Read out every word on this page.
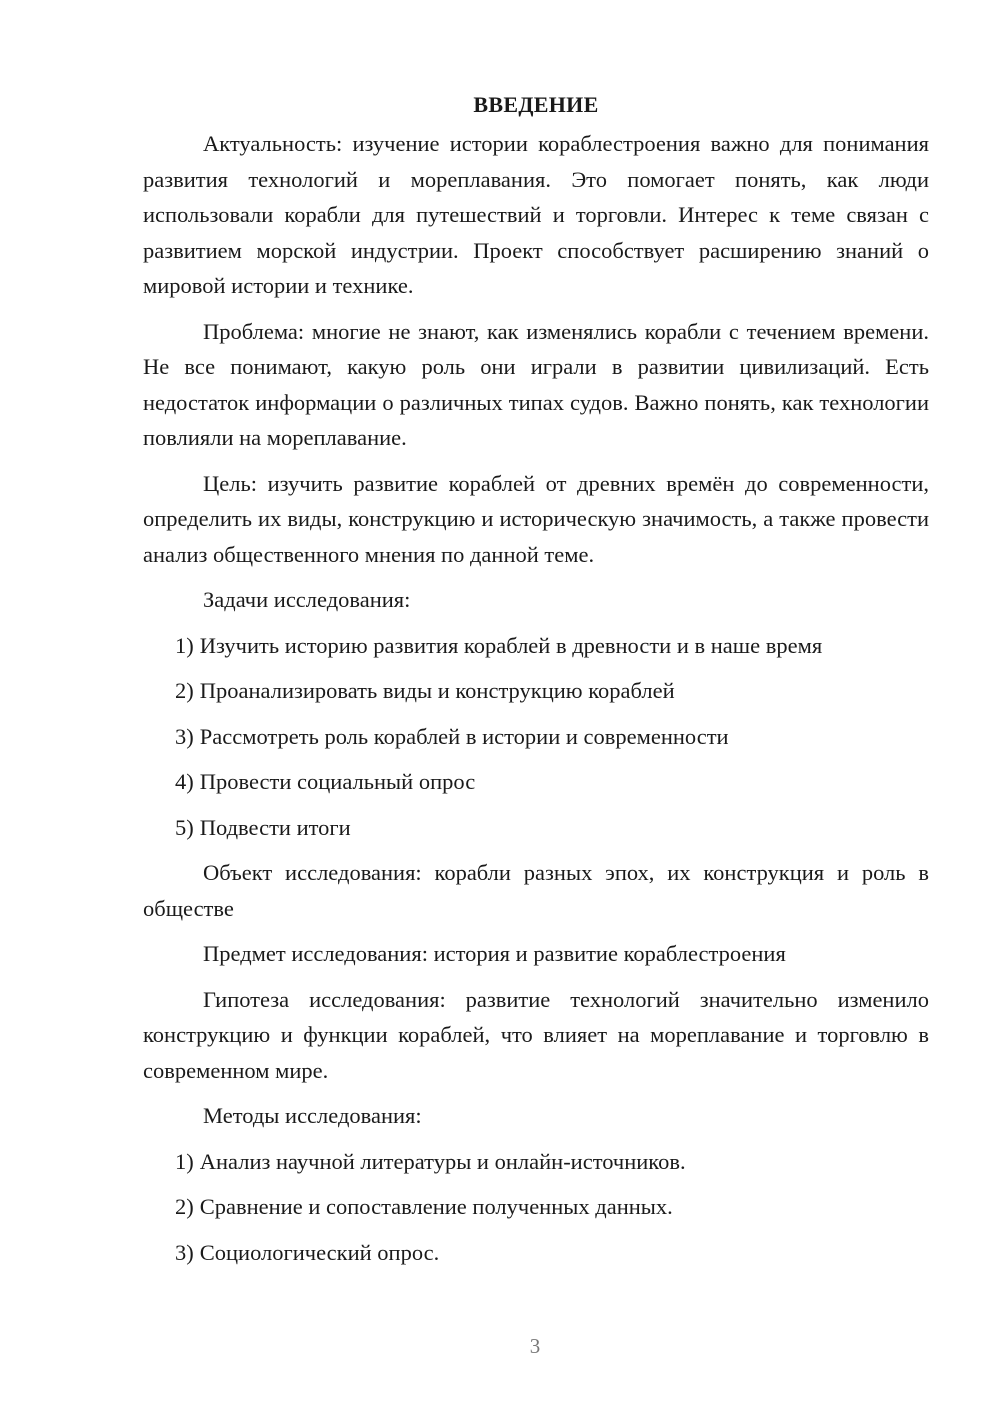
ВВЕДЕНИЕ

Актуальность: изучение истории кораблестроения важно для понимания развития технологий и мореплавания. Это помогает понять, как люди использовали корабли для путешествий и торговли. Интерес к теме связан с развитием морской индустрии. Проект способствует расширению знаний о мировой истории и технике.

Проблема: многие не знают, как изменялись корабли с течением времени. Не все понимают, какую роль они играли в развитии цивилизаций. Есть недостаток информации о различных типах судов. Важно понять, как технологии повлияли на мореплавание.

Цель: изучить развитие кораблей от древних времён до современности, определить их виды, конструкцию и историческую значимость, а также провести анализ общественного мнения по данной теме.

Задачи исследования:

1) Изучить историю развития кораблей в древности и в наше время
2) Проанализировать виды и конструкцию кораблей
3) Рассмотреть роль кораблей в истории и современности
4) Провести социальный опрос
5) Подвести итоги

Объект исследования: корабли разных эпох, их конструкция и роль в обществе

Предмет исследования: история и развитие кораблестроения

Гипотеза исследования: развитие технологий значительно изменило конструкцию и функции кораблей, что влияет на мореплавание и торговлю в современном мире.

Методы исследования:

1) Анализ научной литературы и онлайн-источников.
2) Сравнение и сопоставление полученных данных.
3) Социологический опрос.
3
